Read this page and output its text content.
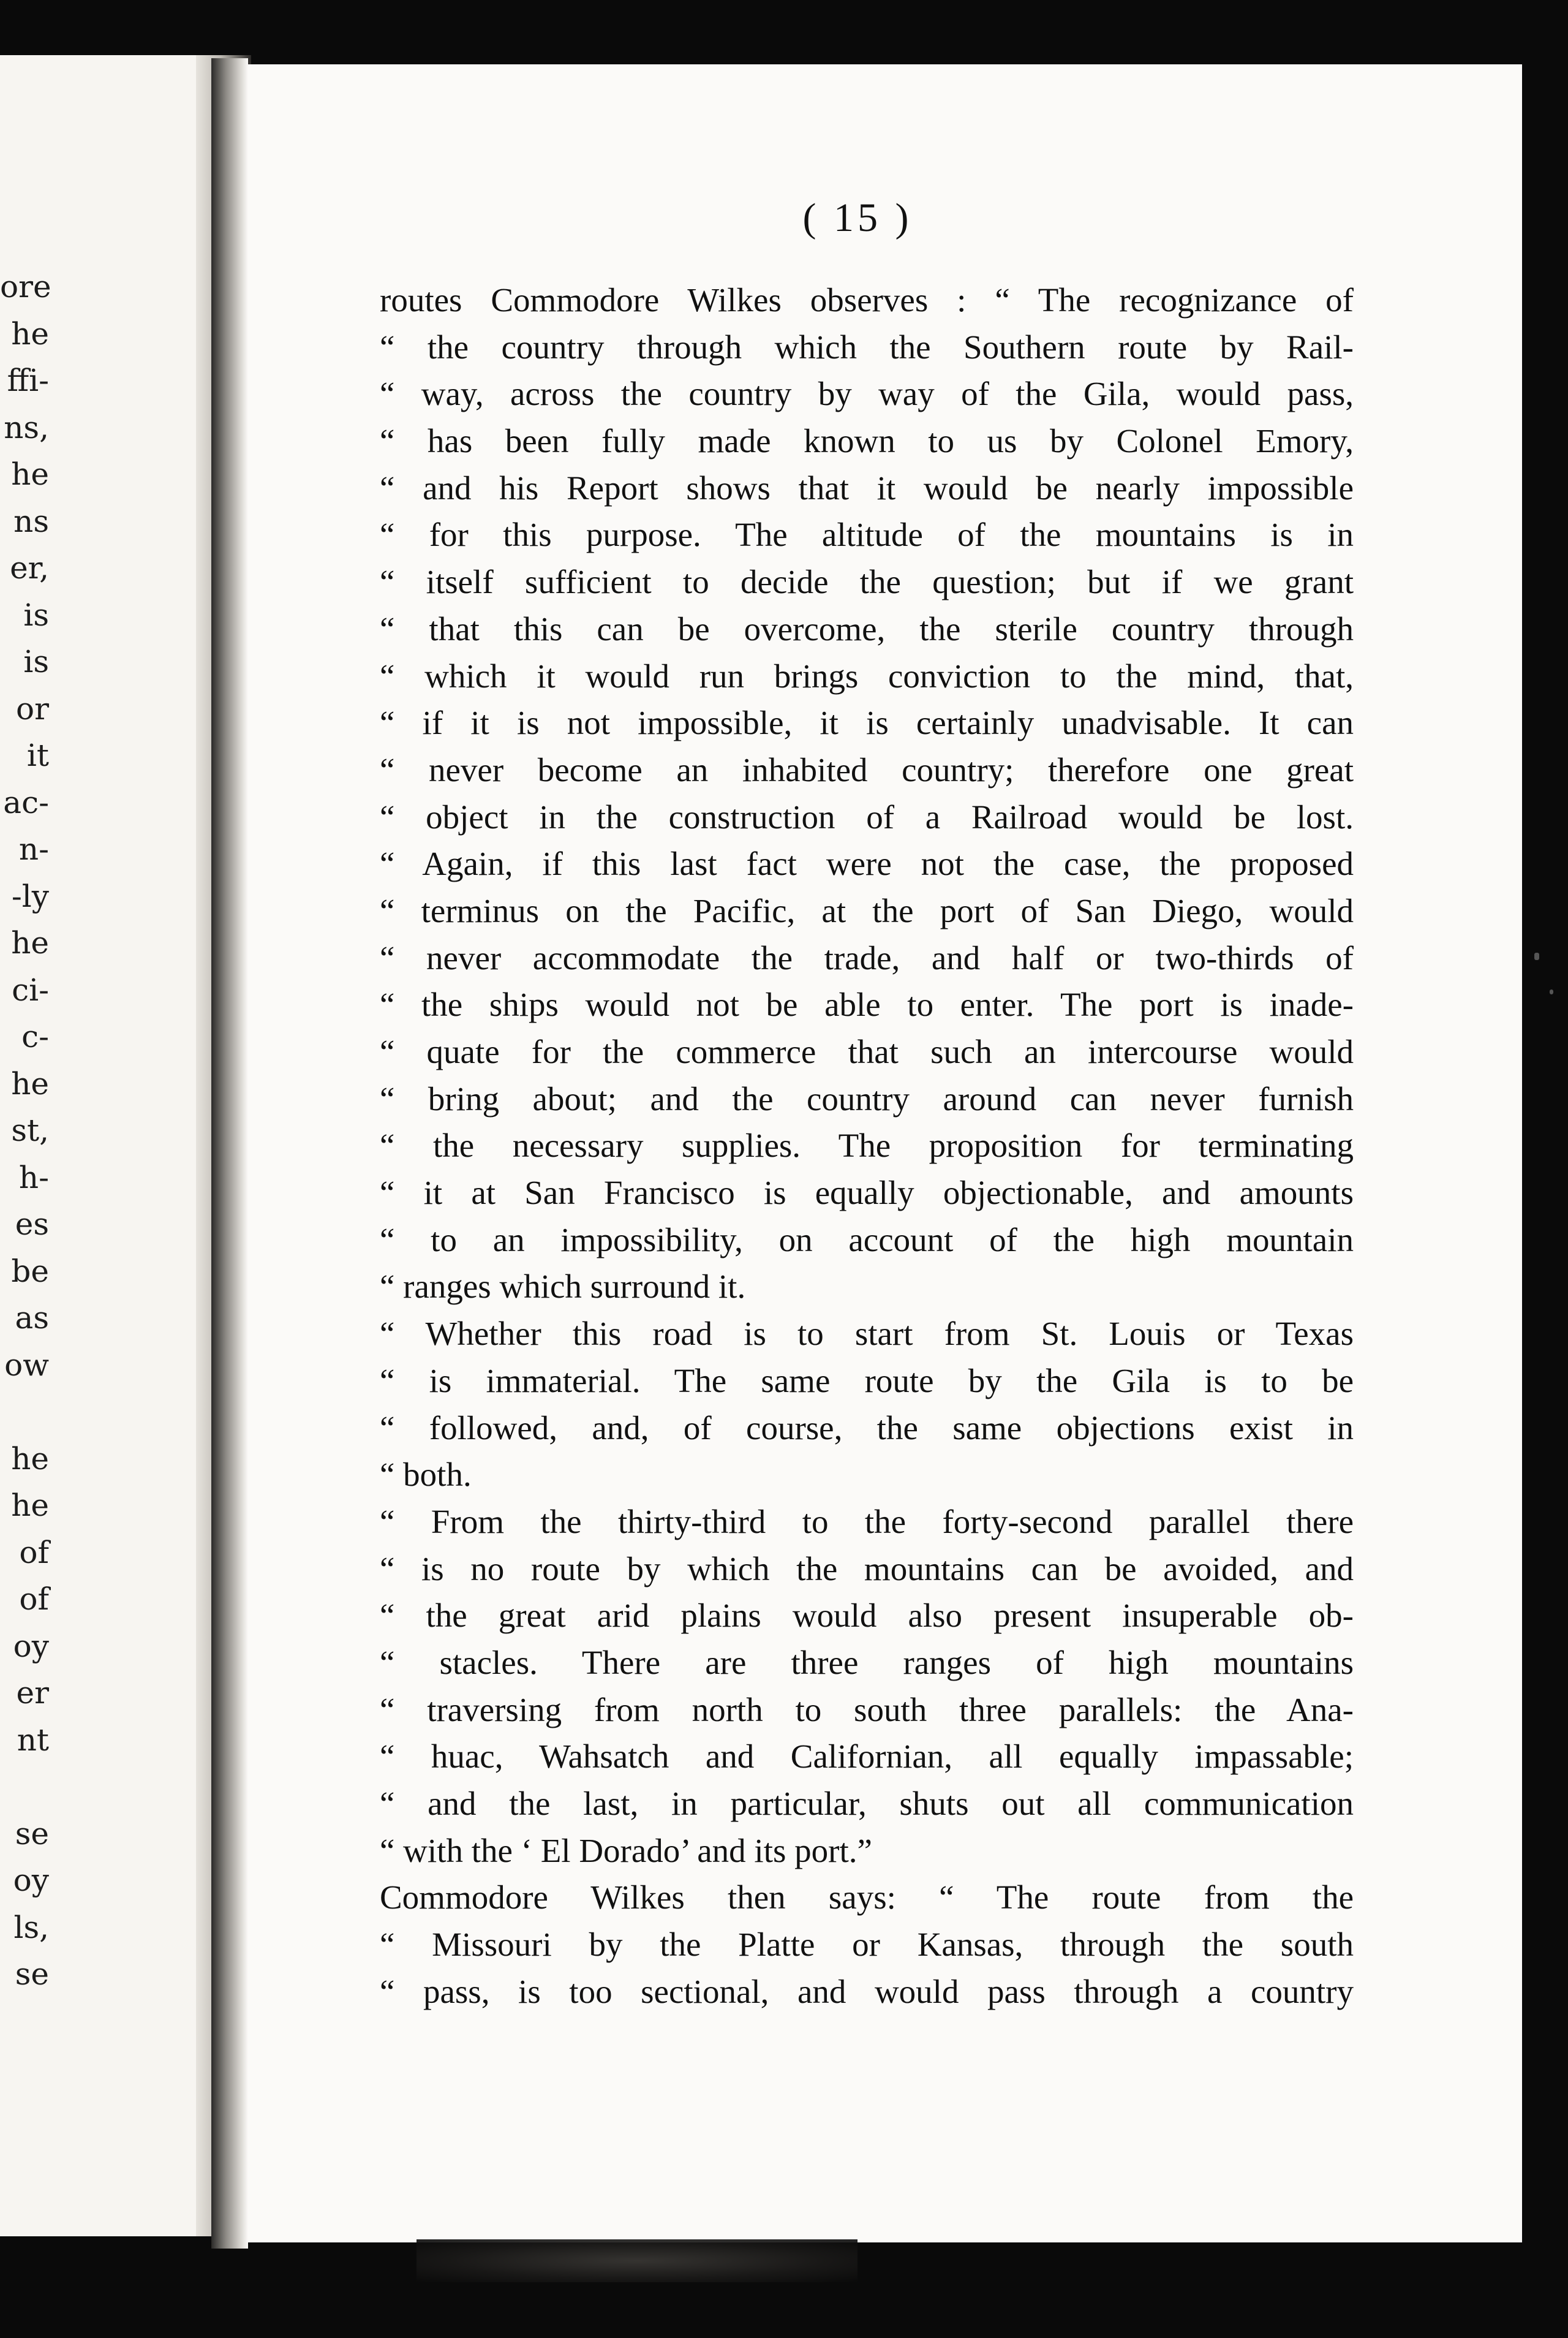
ore
he
ffi-
ns,
he
ns
er,
is
is
or
it
ac-
n-
-ly
he
ci-
c-
he
st,
h-
es
be
as
ow
he
he
of
of
oy
er
nt
se
oy
ls,
se
( 15 )
routes Commodore Wilkes observes : “ The recognizance of
“ the country through which the Southern route by Rail-
“ way, across the country by way of the Gila, would pass,
“ has been fully made known to us by Colonel Emory,
“ and his Report shows that it would be nearly impossible
“ for this purpose. The altitude of the mountains is in
“ itself sufficient to decide the question; but if we grant
“ that this can be overcome, the sterile country through
“ which it would run brings conviction to the mind, that,
“ if it is not impossible, it is certainly unadvisable. It can
“ never become an inhabited country; therefore one great
“ object in the construction of a Railroad would be lost.
“ Again, if this last fact were not the case, the proposed
“ terminus on the Pacific, at the port of San Diego, would
“ never accommodate the trade, and half or two-thirds of
“ the ships would not be able to enter. The port is inade-
“ quate for the commerce that such an intercourse would
“ bring about; and the country around can never furnish
“ the necessary supplies. The proposition for terminating
“ it at San Francisco is equally objectionable, and amounts
“ to an impossibility, on account of the high mountain
“ ranges which surround it.
“ Whether this road is to start from St. Louis or Texas
“ is immaterial. The same route by the Gila is to be
“ followed, and, of course, the same objections exist in
“ both.
“ From the thirty-third to the forty-second parallel there
“ is no route by which the mountains can be avoided, and
“ the great arid plains would also present insuperable ob-
“ stacles. There are three ranges of high mountains
“ traversing from north to south three parallels: the Ana-
“ huac, Wahsatch and Californian, all equally impassable;
“ and the last, in particular, shuts out all communication
“ with the ‘ El Dorado’ and its port.”
Commodore Wilkes then says: “ The route from the
“ Missouri by the Platte or Kansas, through the south
“ pass, is too sectional, and would pass through a country
